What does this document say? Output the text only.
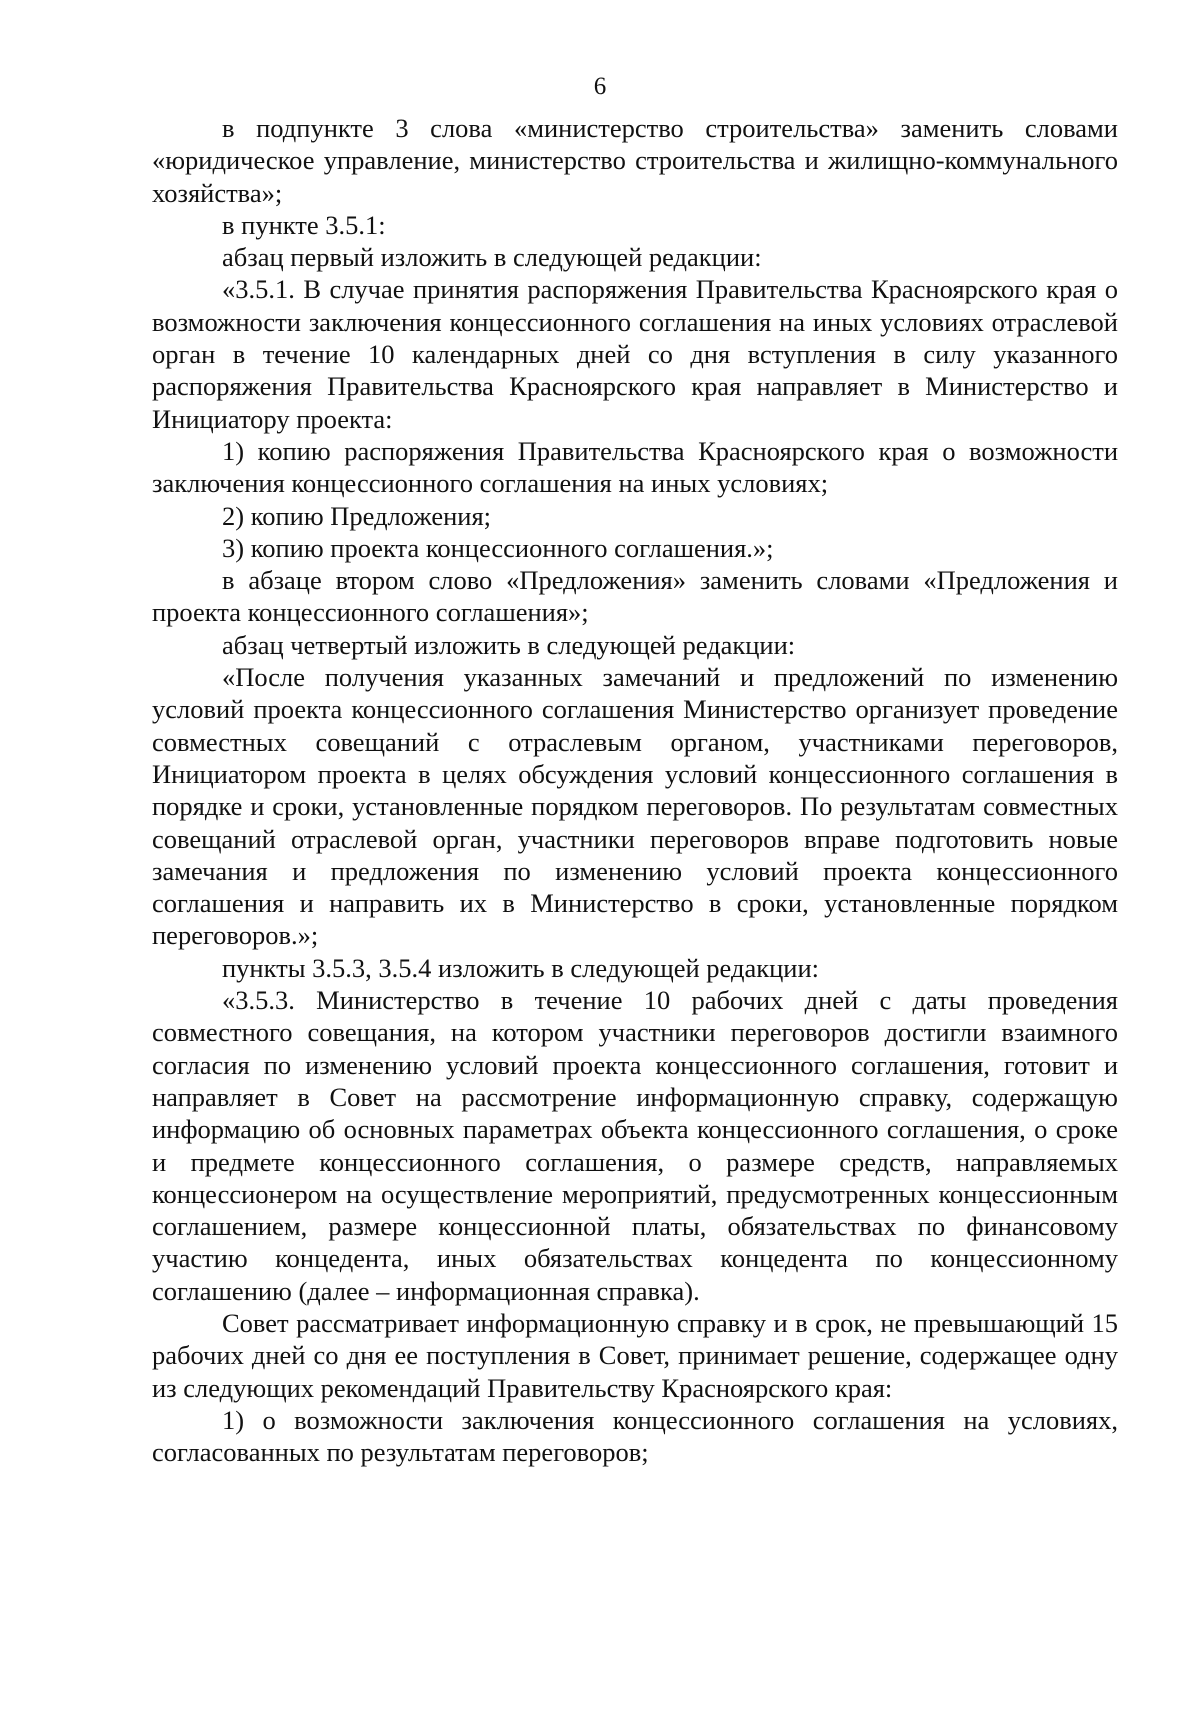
6

в подпункте 3 слова «министерство строительства» заменить словами «юридическое управление, министерство строительства и жилищно-коммунального хозяйства»;

в пункте 3.5.1:

абзац первый изложить в следующей редакции:

«3.5.1. В случае принятия распоряжения Правительства Красноярского края о возможности заключения концессионного соглашения на иных условиях отраслевой орган в течение 10 календарных дней со дня вступления в силу указанного распоряжения Правительства Красноярского края направляет в Министерство и Инициатору проекта:

1) копию распоряжения Правительства Красноярского края о возможности заключения концессионного соглашения на иных условиях;

2) копию Предложения;

3) копию проекта концессионного соглашения.»;

в абзаце втором слово «Предложения» заменить словами «Предложения и проекта концессионного соглашения»;

абзац четвертый изложить в следующей редакции:

«После получения указанных замечаний и предложений по изменению условий проекта концессионного соглашения Министерство организует проведение совместных совещаний с отраслевым органом, участниками переговоров, Инициатором проекта в целях обсуждения условий концессионного соглашения в порядке и сроки, установленные порядком переговоров. По результатам совместных совещаний отраслевой орган, участники переговоров вправе подготовить новые замечания и предложения по изменению условий проекта концессионного соглашения и направить их в Министерство в сроки, установленные порядком переговоров.»;

пункты 3.5.3, 3.5.4 изложить в следующей редакции:

«3.5.3. Министерство в течение 10 рабочих дней с даты проведения совместного совещания, на котором участники переговоров достигли взаимного согласия по изменению условий проекта концессионного соглашения, готовит и направляет в Совет на рассмотрение информационную справку, содержащую информацию об основных параметрах объекта концессионного соглашения, о сроке и предмете концессионного соглашения, о размере средств, направляемых концессионером на осуществление мероприятий, предусмотренных концессионным соглашением, размере концессионной платы, обязательствах по финансовому участию концедента, иных обязательствах концедента по концессионному соглашению (далее – информационная справка).

Совет рассматривает информационную справку и в срок, не превышающий 15 рабочих дней со дня ее поступления в Совет, принимает решение, содержащее одну из следующих рекомендаций Правительству Красноярского края:

1) о возможности заключения концессионного соглашения на условиях, согласованных по результатам переговоров;
